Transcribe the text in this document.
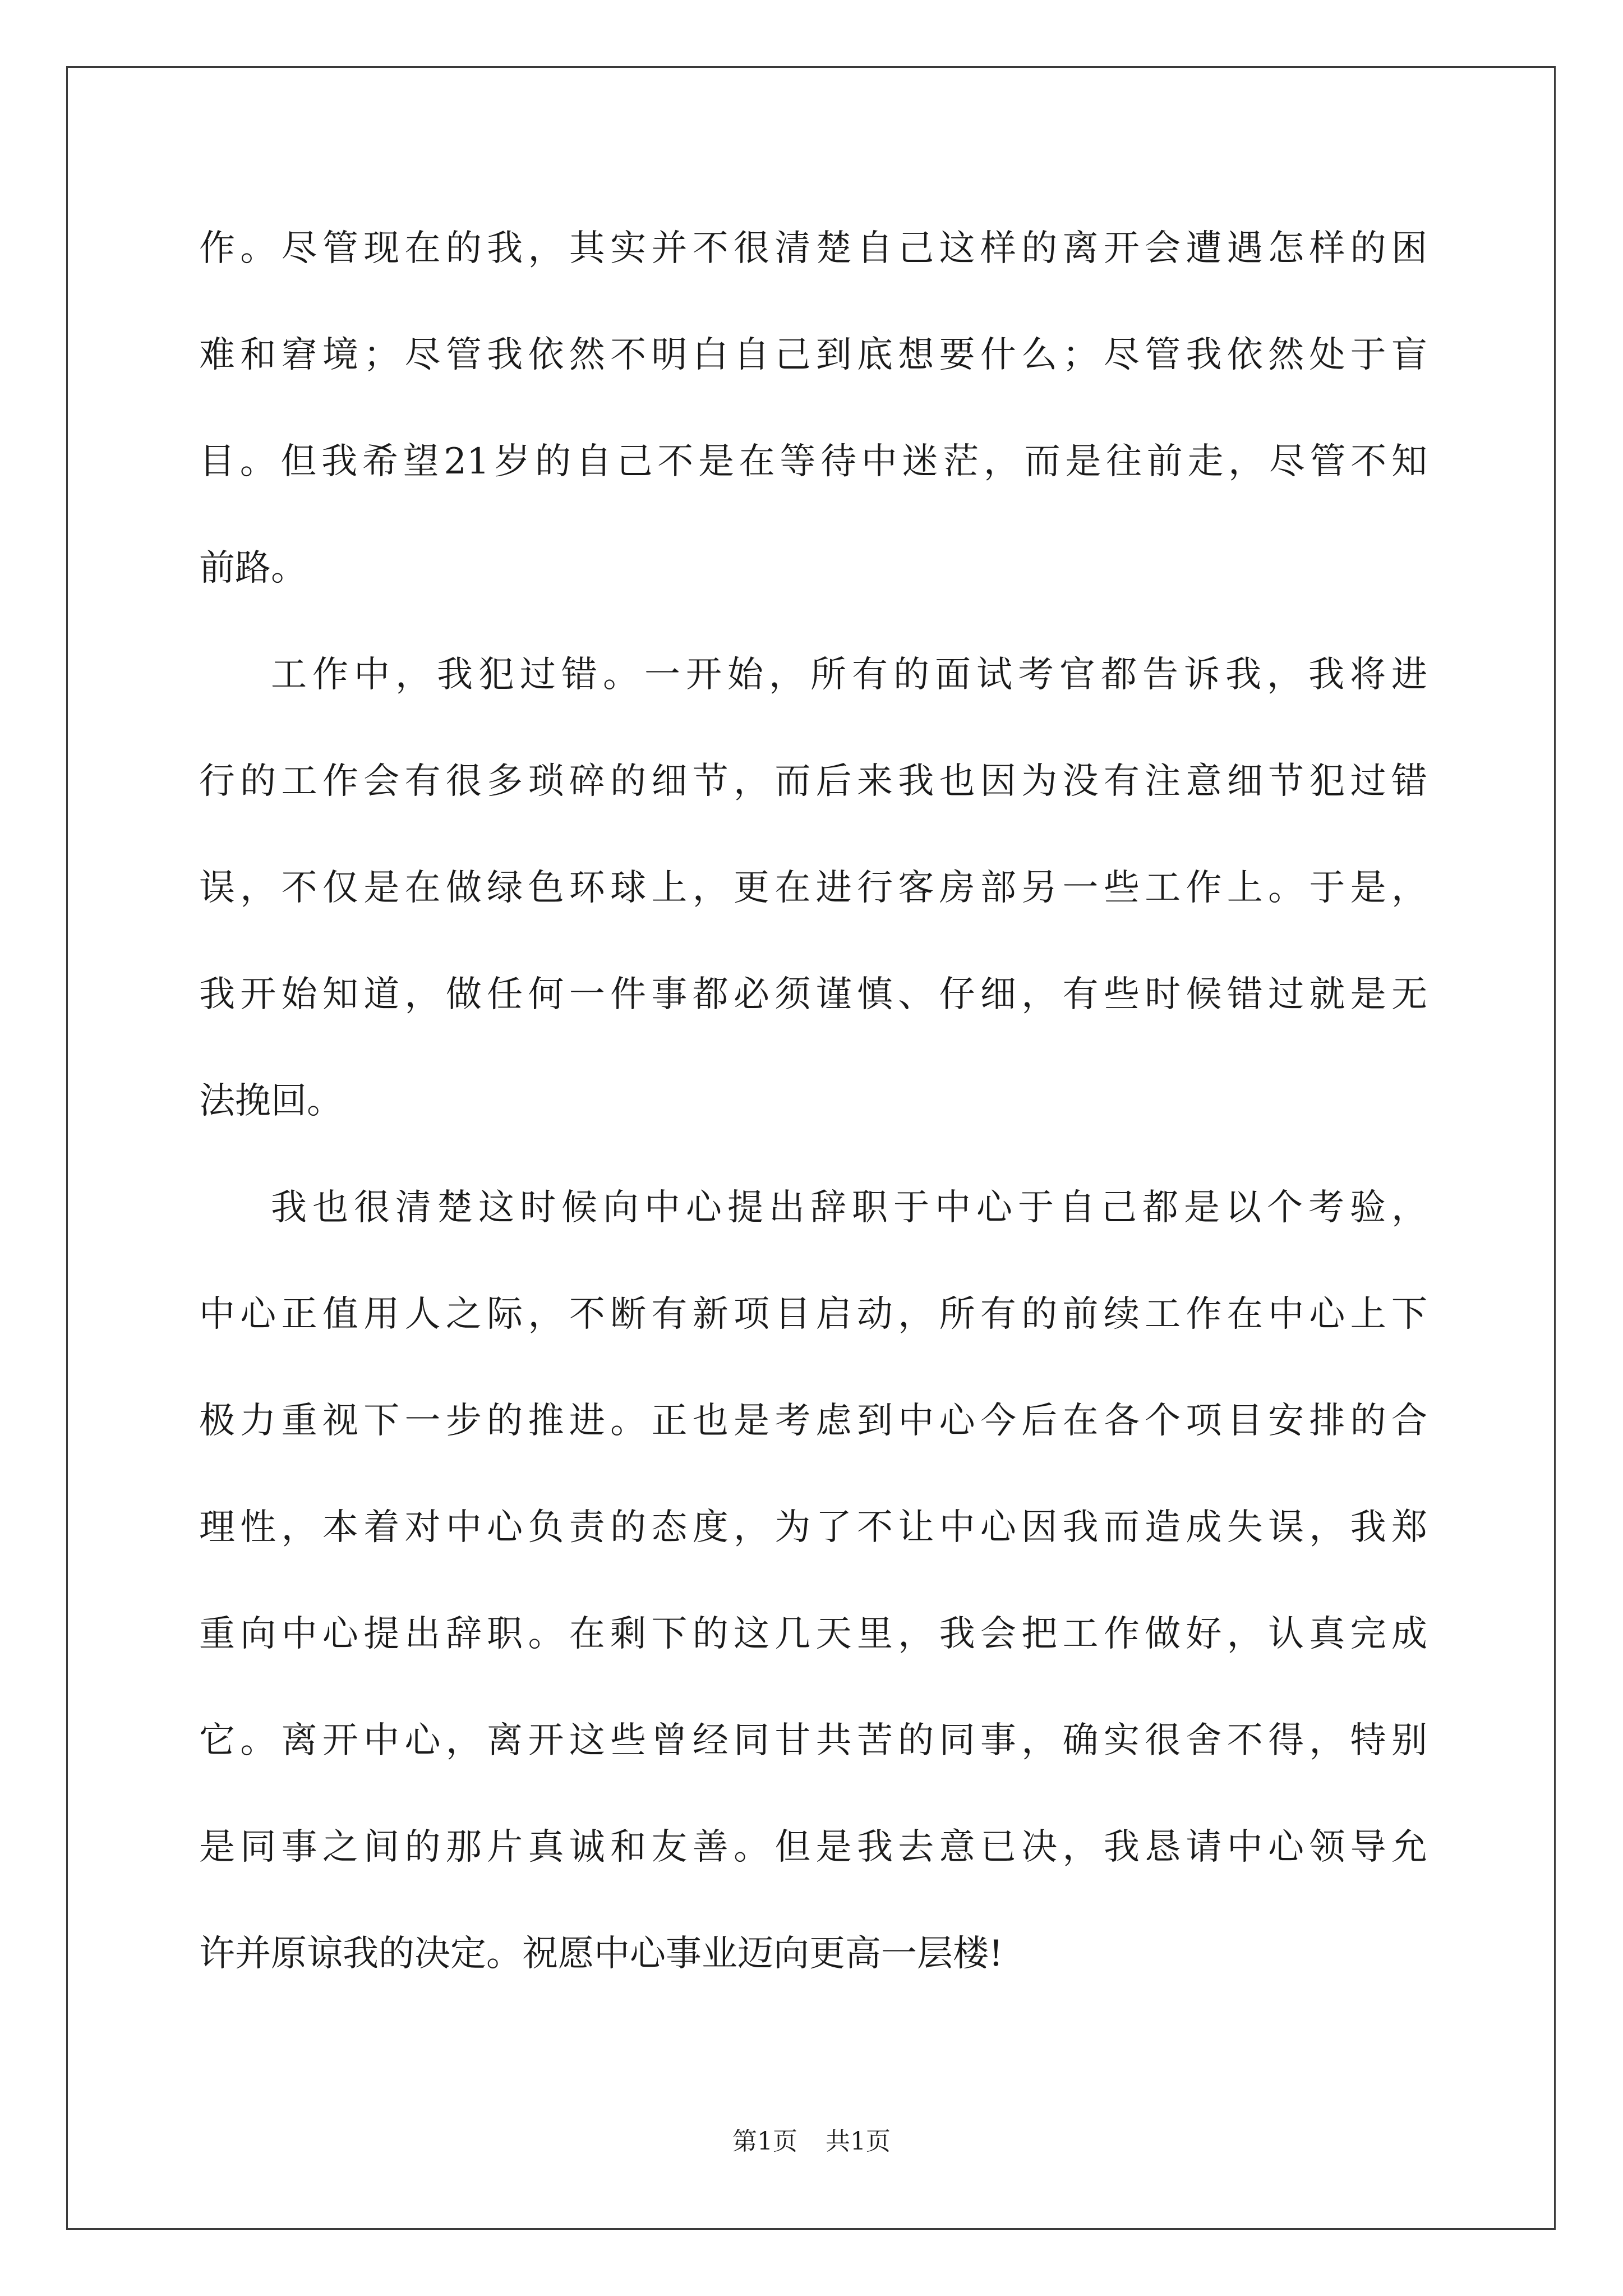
作。尽管现在的我，其实并不很清楚自己这样的离开会遭遇怎样的困
难和窘境；尽管我依然不明白自己到底想要什么；尽管我依然处于盲
目。但我希望21岁的自己不是在等待中迷茫，而是往前走，尽管不知
前路。
工作中，我犯过错。一开始，所有的面试考官都告诉我，我将进
行的工作会有很多琐碎的细节，而后来我也因为没有注意细节犯过错
误，不仅是在做绿色环球上，更在进行客房部另一些工作上。于是，
我开始知道，做任何一件事都必须谨慎、仔细，有些时候错过就是无
法挽回。
我也很清楚这时候向中心提出辞职于中心于自己都是以个考验，
中心正值用人之际，不断有新项目启动，所有的前续工作在中心上下
极力重视下一步的推进。正也是考虑到中心今后在各个项目安排的合
理性，本着对中心负责的态度，为了不让中心因我而造成失误，我郑
重向中心提出辞职。在剩下的这几天里，我会把工作做好，认真完成
它。离开中心，离开这些曾经同甘共苦的同事，确实很舍不得，特别
是同事之间的那片真诚和友善。但是我去意已决，我恳请中心领导允
许并原谅我的决定。祝愿中心事业迈向更高一层楼!
第1页 共1页
